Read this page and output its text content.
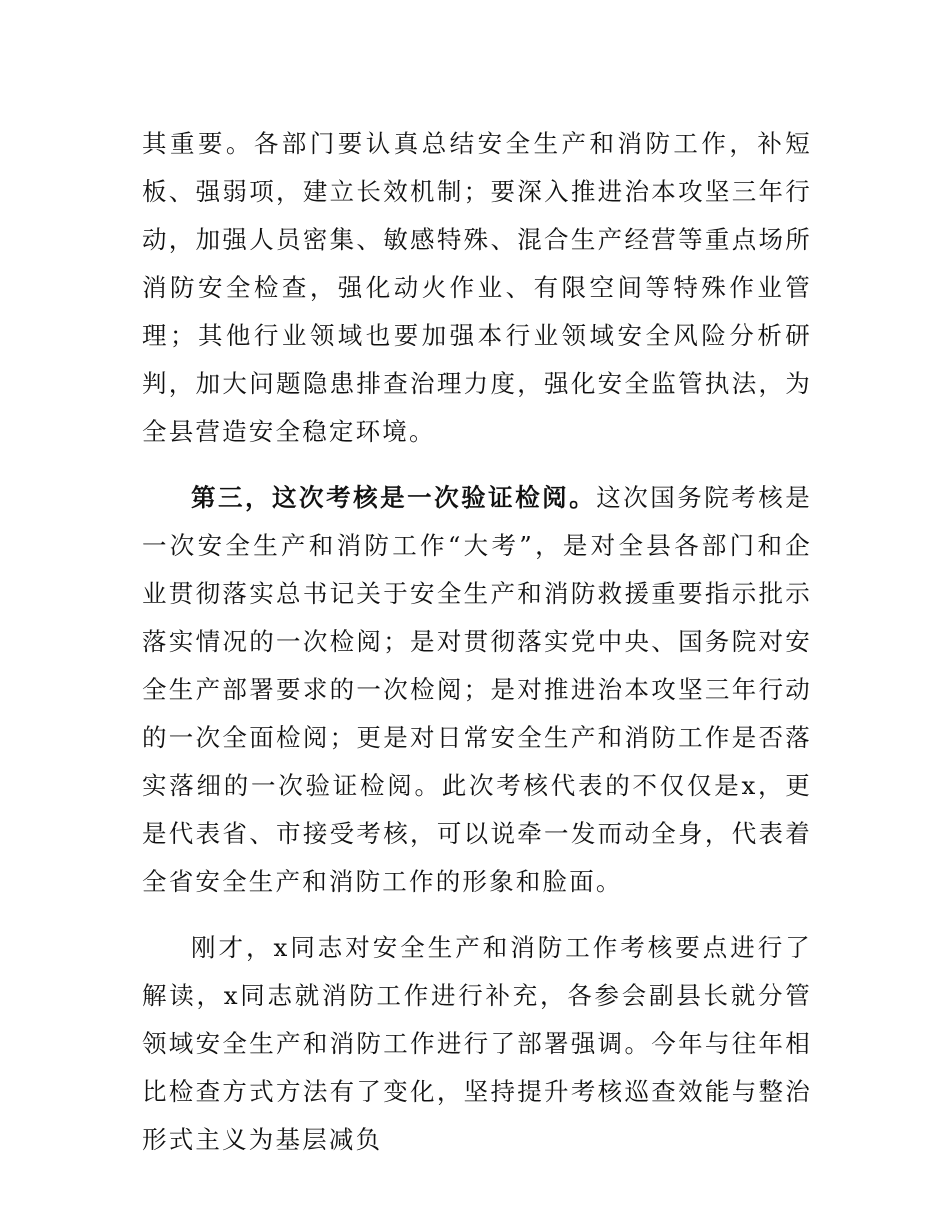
其重要。各部门要认真总结安全生产和消防工作，补短板、强弱项，建立长效机制；要深入推进治本攻坚三年行动，加强人员密集、敏感特殊、混合生产经营等重点场所消防安全检查，强化动火作业、有限空间等特殊作业管理；其他行业领域也要加强本行业领域安全风险分析研判，加大问题隐患排查治理力度，强化安全监管执法，为全县营造安全稳定环境。

第三，这次考核是一次验证检阅。这次国务院考核是一次安全生产和消防工作“大考”，是对全县各部门和企业贯彻落实总书记关于安全生产和消防救援重要指示批示落实情况的一次检阅；是对贯彻落实党中央、国务院对安全生产部署要求的一次检阅；是对推进治本攻坚三年行动的一次全面检阅；更是对日常安全生产和消防工作是否落实落细的一次验证检阅。此次考核代表的不仅仅是x，更是代表省、市接受考核，可以说牵一发而动全身，代表着全省安全生产和消防工作的形象和脸面。

刚才，x同志对安全生产和消防工作考核要点进行了解读，x同志就消防工作进行补充，各参会副县长就分管领域安全生产和消防工作进行了部署强调。今年与往年相比检查方式方法有了变化，坚持提升考核巡查效能与整治形式主义为基层减负
